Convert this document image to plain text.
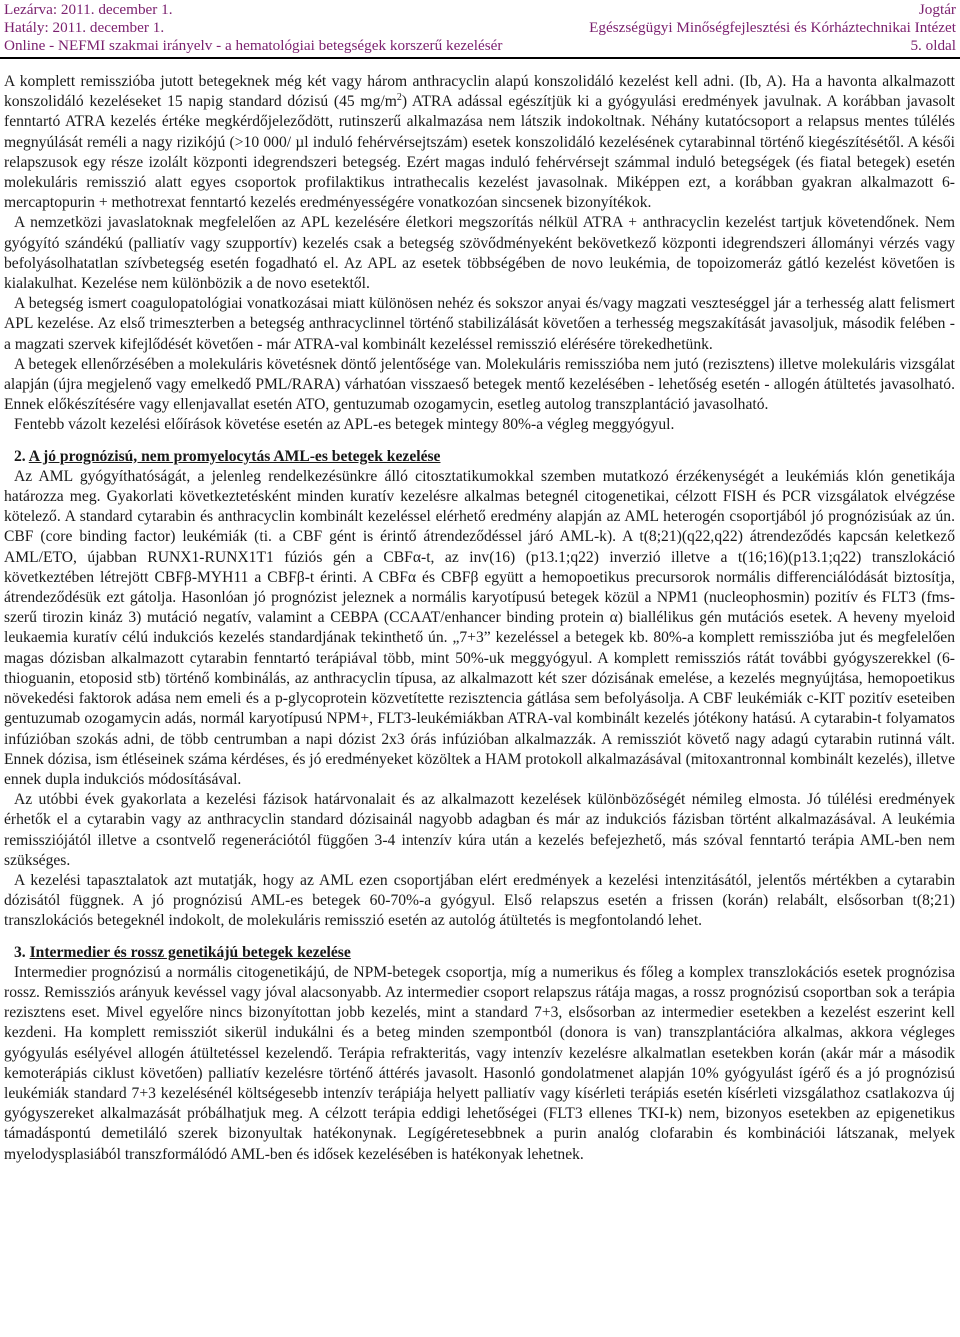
Lezárva: 2011. december 1.	Jogtár
Hatály: 2011. december 1.	Egészségügyi Minőségfejlesztési és Kórháztechnikai Intézet
Online - NEFMI szakmai irányelv - a hematológiai betegségek korszerű kezelésér	5. oldal

A komplett remisszióba jutott betegeknek még két vagy három anthracyclin alapú konszolidáló kezelést kell adni. (Ib, A). Ha a havonta alkalmazott konszolidáló kezeléseket 15 napig standard dózisú (45 $mg/m^2$) ATRA adással egészítjük ki a gyógyulási eredmények javulnak. A korábban javasolt fenntartó ATRA kezelés értéke megkérdőjeleződött, rutinszerű alkalmazása nem látszik indokoltnak. Néhány kutatócsoport a relapsus mentes túlélés megnyúlását reméli a nagy rizikójú (>10 000/ µl induló fehérvérsejtszám) esetek konszolidáló kezelésének cytarabinnal történő kiegészítésétől. A késői relapszusok egy része izolált központi idegrendszeri betegség. Ezért magas induló fehérvérsejt számmal induló betegségek (és fiatal betegek) esetén molekuláris remisszió alatt egyes csoportok profilaktikus intrathecalis kezelést javasolnak. Miképpen ezt, a korábban gyakran alkalmazott 6-mercaptopurin + methotrexat fenntartó kezelés eredményességére vonatkozóan sincsenek bizonyítékok.

A nemzetközi javaslatoknak megfelelően az APL kezelésére életkori megszorítás nélkül ATRA + anthracyclin kezelést tartjuk követendőnek. Nem gyógyító szándékú (palliatív vagy szupportív) kezelés csak a betegség szövődményeként bekövetkező központi idegrendszeri állományi vérzés vagy befolyásolhatatlan szívbetegség esetén fogadható el. Az APL az esetek többségében de novo leukémia, de topoizomeráz gátló kezelést követően is kialakulhat. Kezelése nem különbözik a de novo esetektől.

A betegség ismert coagulopatológiai vonatkozásai miatt különösen nehéz és sokszor anyai és/vagy magzati veszteséggel jár a terhesség alatt felismert APL kezelése. Az első trimeszterben a betegség anthracyclinnel történő stabilizálását követően a terhesség megszakítását javasoljuk, második felében - a magzati szervek kifejlődését követően - már ATRA-val kombinált kezeléssel remisszió elérésére törekedhetünk.

A betegek ellenőrzésében a molekuláris követésnek döntő jelentősége van. Molekuláris remisszióba nem jutó (rezisztens) illetve molekuláris vizsgálat alapján (újra megjelenő vagy emelkedő PML/RARA) várhatóan visszaeső betegek mentő kezelésében - lehetőség esetén - allogén átültetés javasolható. Ennek előkészítésére vagy ellenjavallat esetén ATO, gentuzumab ozogamycin, esetleg autolog transzplantáció javasolható.

Fentebb vázolt kezelési előírások követése esetén az APL-es betegek mintegy 80%-a végleg meggyógyul.

2. A jó prognózisú, nem promyelocytás AML-es betegek kezelése

Az AML gyógyíthatóságát, a jelenleg rendelkezésünkre álló citosztatikumokkal szemben mutatkozó érzékenységét a leukémiás klón genetikája határozza meg. Gyakorlati következtetésként minden kuratív kezelésre alkalmas betegnél citogenetikai, célzott FISH és PCR vizsgálatok elvégzése kötelező. A standard cytarabin és anthracyclin kombinált kezeléssel elérhető eredmény alapján az AML heterogén csoportjából jó prognózisúak az ún. CBF (core binding factor) leukémiák (ti. a CBF gént is érintő átrendeződéssel járó AML-k). A t(8;21)(q22,q22) átrendeződés kapcsán keletkező AML/ETO, újabban RUNX1-RUNX1T1 fúziós gén a CBFα-t, az inv(16) (p13.1;q22) inverzió illetve a t(16;16)(p13.1;q22) transzlokáció következtében létrejött CBFβ-MYH11 a CBFβ-t érinti. A CBFα és CBFβ együtt a hemopoetikus precursorok normális differenciálódását biztosítja, átrendeződésük ezt gátolja. Hasonlóan jó prognózist jeleznek a normális karyotípusú betegek közül a NPM1 (nucleophosmin) pozitív és FLT3 (fms-szerű tirozin kináz 3) mutáció negatív, valamint a CEBPA (CCAAT/enhancer binding protein α) biallélikus gén mutációs esetek. A heveny myeloid leukaemia kuratív célú indukciós kezelés standardjának tekinthető ún. „7+3” kezeléssel a betegek kb. 80%-a komplett remisszióba jut és megfelelően magas dózisban alkalmazott cytarabin fenntartó terápiával több, mint 50%-uk meggyógyul. A komplett remissziós rátát további gyógyszerekkel (6-thioguanin, etoposid stb) történő kombinálás, az anthracyclin típusa, az alkalmazott két szer dózisának emelése, a kezelés megnyújtása, hemopoetikus növekedési faktorok adása nem emeli és a p-glycoprotein közvetítette rezisztencia gátlása sem befolyásolja. A CBF leukémiák c-KIT pozitív eseteiben gentuzumab ozogamycin adás, normál karyotípusú NPM+, FLT3-leukémiákban ATRA-val kombinált kezelés jótékony hatású. A cytarabin-t folyamatos infúzióban szokás adni, de több centrumban a napi dózist 2x3 órás infúzióban alkalmazzák. A remissziót követő nagy adagú cytarabin rutinná vált. Ennek dózisa, ism étléseinek száma kérdéses, és jó eredményeket közöltek a HAM protokoll alkalmazásával (mitoxantronnal kombinált kezelés), illetve ennek dupla indukciós módosításával.

Az utóbbi évek gyakorlata a kezelési fázisok határvonalait és az alkalmazott kezelések különbözőségét némileg elmosta. Jó túlélési eredmények érhetők el a cytarabin vagy az anthracyclin standard dózisainál nagyobb adagban és már az indukciós fázisban történt alkalmazásával. A leukémia remissziójától illetve a csontvelő regenerációtól függően 3-4 intenzív kúra után a kezelés befejezhető, más szóval fenntartó terápia AML-ben nem szükséges.

A kezelési tapasztalatok azt mutatják, hogy az AML ezen csoportjában elért eredmények a kezelési intenzitásától, jelentős mértékben a cytarabin dózisától függnek. A jó prognózisú AML-es betegek 60-70%-a gyógyul. Első relapszus esetén a frissen (korán) relabált, elsősorban t(8;21) transzlokációs betegeknél indokolt, de molekuláris remisszió esetén az autológ átültetés is megfontolandó lehet.

3. Intermedier és rossz genetikájú betegek kezelése

Intermedier prognózisú a normális citogenetikájú, de NPM-betegek csoportja, míg a numerikus és főleg a komplex transzlokációs esetek prognózisa rossz. Remissziós arányuk kevéssel vagy jóval alacsonyabb. Az intermedier csoport relapszus rátája magas, a rossz prognózisú csoportban sok a terápia rezisztens eset. Mivel egyelőre nincs bizonyítottan jobb kezelés, mint a standard 7+3, elsősorban az intermedier esetekben a kezelést eszerint kell kezdeni. Ha komplett remissziót sikerül indukálni és a beteg minden szempontból (donora is van) transzplantációra alkalmas, akkora végleges gyógyulás esélyével allogén átültetéssel kezelendő. Terápia refrakteritás, vagy intenzív kezelésre alkalmatlan esetekben korán (akár már a második kemoterápiás ciklust követően) palliatív kezelésre történő áttérés javasolt. Hasonló gondolatmenet alapján 10% gyógyulást ígérő és a jó prognózisú leukémiák standard 7+3 kezelésénél költségesebb intenzív terápiája helyett palliatív vagy kísérleti terápiás esetén kísérleti vizsgálathoz csatlakozva új gyógyszereket alkalmazását próbálhatjuk meg. A célzott terápia eddigi lehetőségei (FLT3 ellenes TKI-k) nem, bizonyos esetekben az epigenetikus támadáspontú demetiláló szerek bizonyultak hatékonynak. Legígéretesebbnek a purin analóg clofarabin és kombinációi látszanak, melyek myelodysplasiából transzformálódó AML-ben és idősek kezelésében is hatékonyak lehetnek.
